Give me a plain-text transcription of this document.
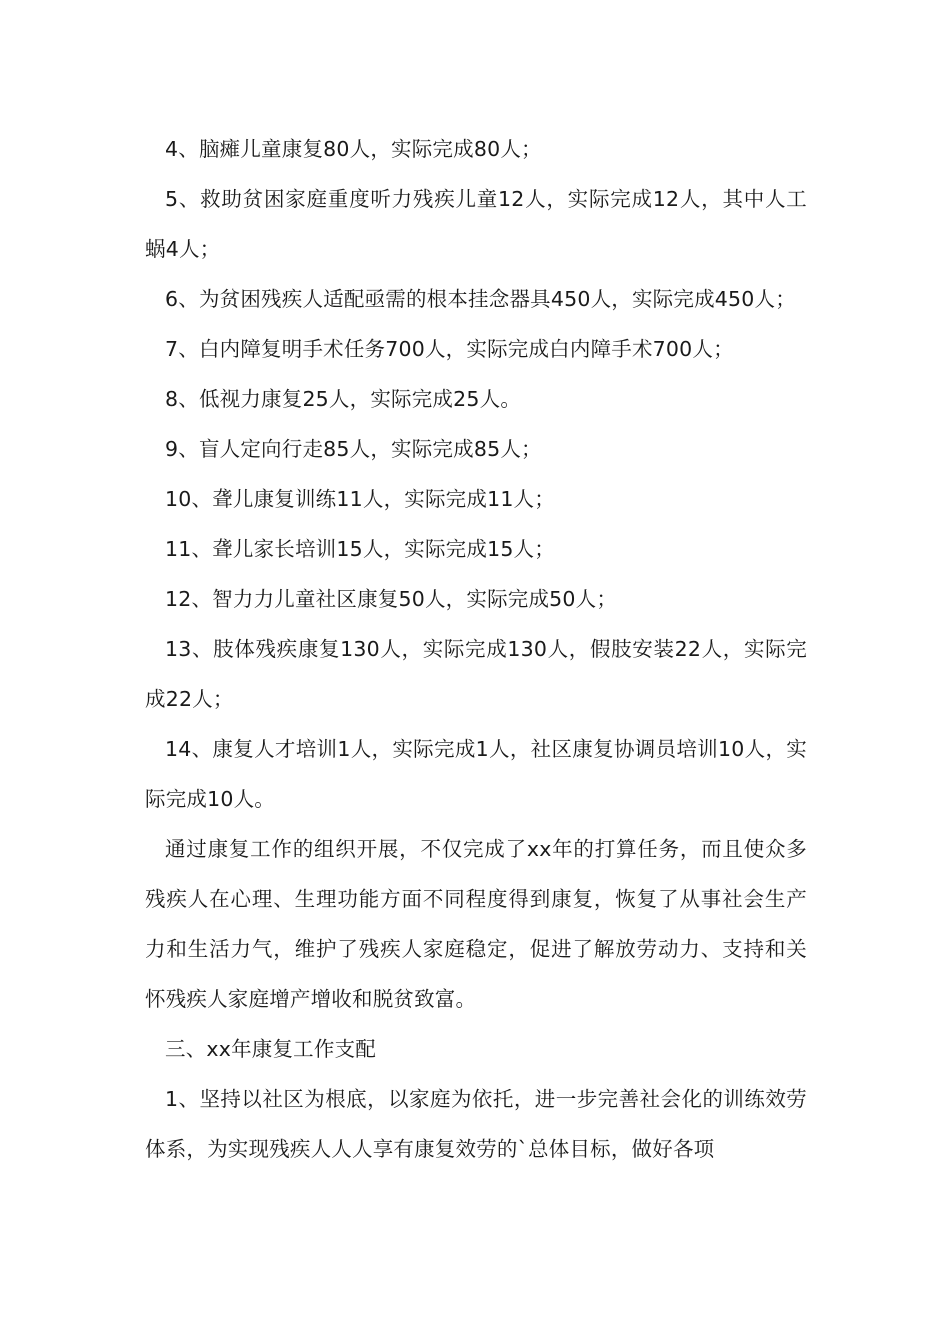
4、脑瘫儿童康复80人，实际完成80人；

5、救助贫困家庭重度听力残疾儿童12人，实际完成12人，其中人工蜗4人；

6、为贫困残疾人适配亟需的根本挂念器具450人，实际完成450人；

7、白内障复明手术任务700人，实际完成白内障手术700人；

8、低视力康复25人，实际完成25人。

9、盲人定向行走85人，实际完成85人；

10、聋儿康复训练11人，实际完成11人；

11、聋儿家长培训15人，实际完成15人；

12、智力力儿童社区康复50人，实际完成50人；

13、肢体残疾康复130人，实际完成130人，假肢安装22人，实际完成22人；

14、康复人才培训1人，实际完成1人，社区康复协调员培训10人，实际完成10人。

通过康复工作的组织开展，不仅完成了xx年的打算任务，而且使众多残疾人在心理、生理功能方面不同程度得到康复，恢复了从事社会生产力和生活力气，维护了残疾人家庭稳定，促进了解放劳动力、支持和关怀残疾人家庭增产增收和脱贫致富。

三、xx年康复工作支配

1、坚持以社区为根底，以家庭为依托，进一步完善社会化的训练效劳体系，为实现残疾人人人享有康复效劳的`总体目标，做好各项
